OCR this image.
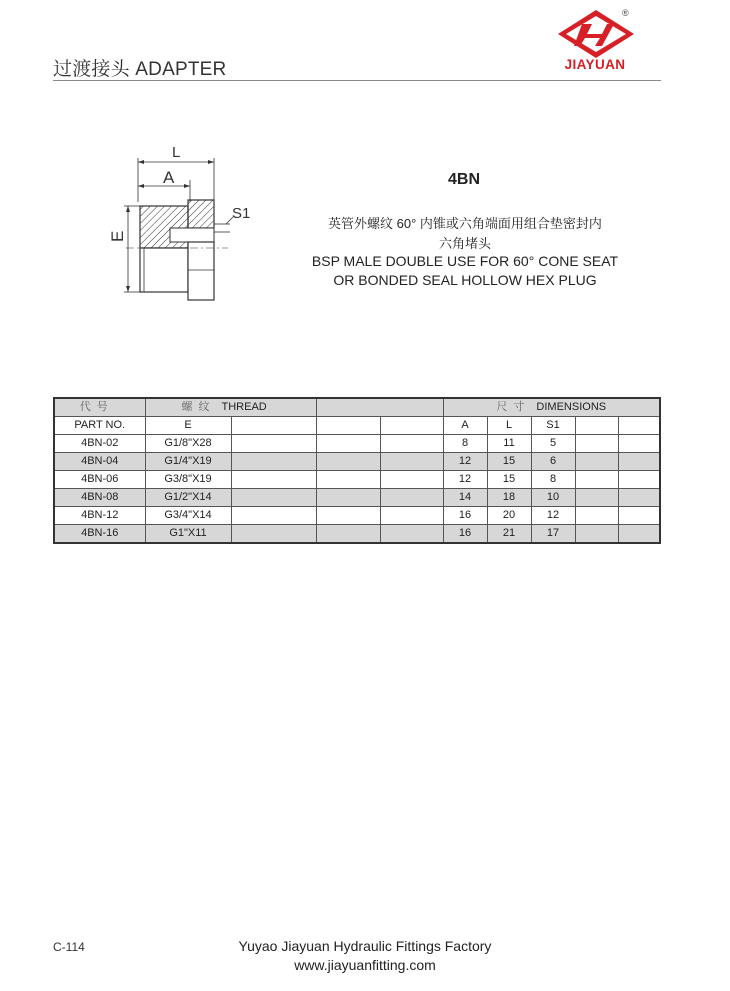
过渡接头 ADAPTER
®
JIAYUAN
L
A
E
S1
4BN
英管外螺纹 60° 内锥或六角端面用组合垫密封内
六角堵头
BSP MALE DOUBLE USE FOR 60° CONE SEAT
OR BONDED SEAL HOLLOW HEX PLUG
代号	螺纹 THREAD				尺寸 DIMENSIONS				
PART NO.	E				A	L	S1		
4BN-02	G1/8"X28				8	11	5		
4BN-04	G1/4"X19				12	15	6		
4BN-06	G3/8"X19				12	15	8		
4BN-08	G1/2"X14				14	18	10		
4BN-12	G3/4"X14				16	20	12		
4BN-16	G1"X11				16	21	17		
C-114	Yuyao Jiayuan Hydraulic Fittings Factory
www.jiayuanfitting.com
